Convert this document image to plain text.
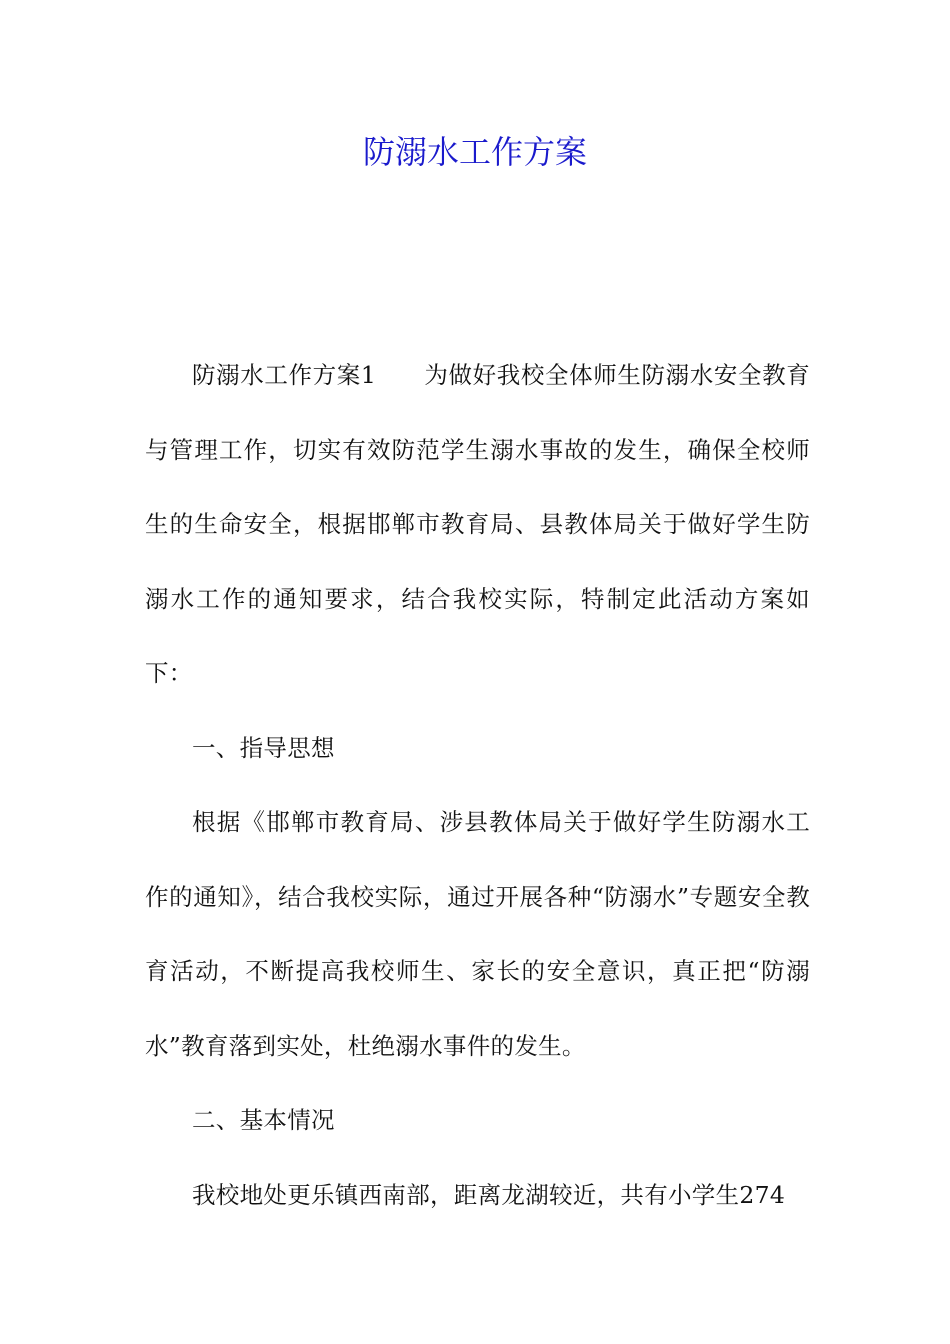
防溺水工作方案

防溺水工作方案1 为做好我校全体师生防溺水安全教育与管理工作，切实有效防范学生溺水事故的发生，确保全校师生的生命安全，根据邯郸市教育局、县教体局关于做好学生防溺水工作的通知要求，结合我校实际，特制定此活动方案如下：

一、指导思想

根据《邯郸市教育局、涉县教体局关于做好学生防溺水工作的通知》，结合我校实际，通过开展各种“防溺水”专题安全教育活动，不断提高我校师生、家长的安全意识，真正把“防溺水”教育落到实处，杜绝溺水事件的发生。

二、基本情况

我校地处更乐镇西南部，距离龙湖较近，共有小学生274
